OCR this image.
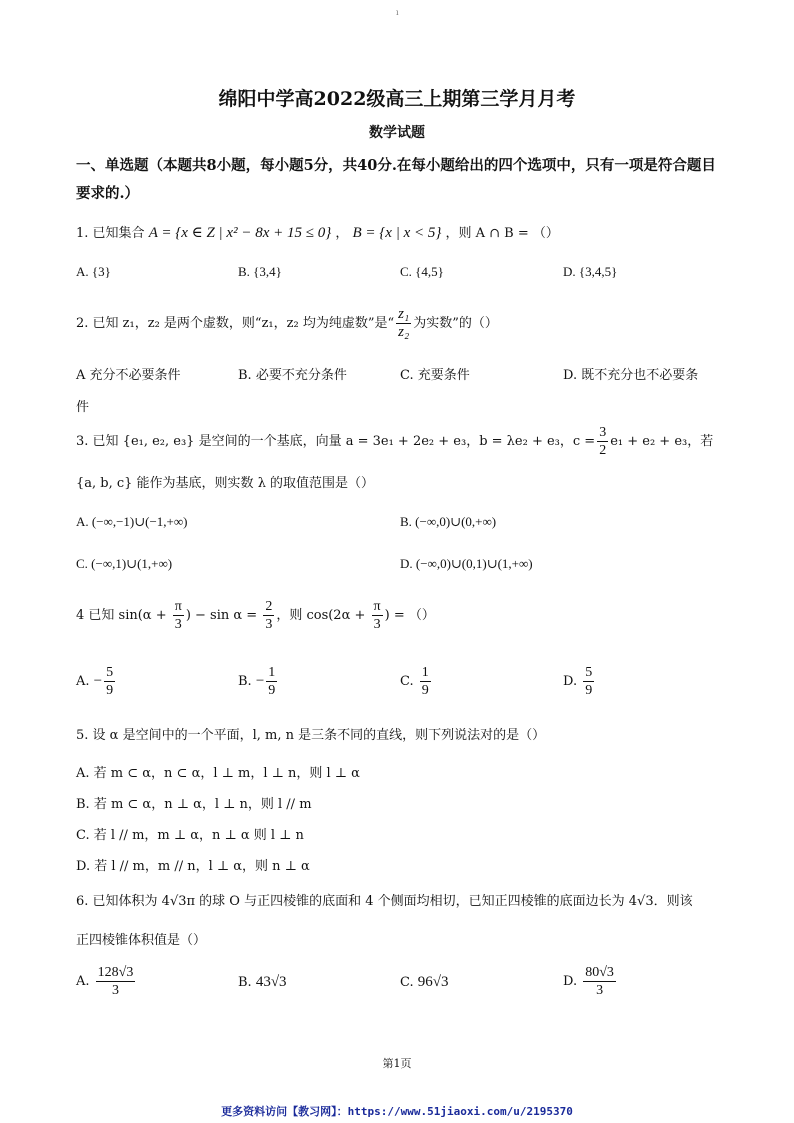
ı
绵阳中学高2022级高三上期第三学月月考
数学试题
一、单选题（本题共8小题，每小题5分，共40分.在每小题给出的四个选项中，只有一项是符合题目要求的.）
1. 已知集合 A = {x ∈ Z | x² − 8x + 15 ≤ 0} ， B = {x | x < 5} ，则 A ∩ B = （）
A. {3}	B. {3,4}	C. {4,5}	D. {3,4,5}
2. 已知 z₁，z₂ 是两个虚数，则“z₁，z₂ 均为纯虚数”是“ $\frac{\text{z₁}}{\text{z₂}}$ 为实数”的（）
A 充分不必要条件	B. 必要不充分条件	C. 充要条件	D. 既不充分也不必要条
件
3. 已知 {e₁, e₂, e₃} 是空间的一个基底，向量 a = 3e₁ + 2e₂ + e₃，b = λe₂ + e₃，$c = \frac{3}{2} e_1 + e_2 + e_3$，若
{a, b, c} 能作为基底，则实数 λ 的取值范围是（）
A. (−∞,−1)∪(−1,+∞)	B. (−∞,0)∪(0,+∞)
C. (−∞,1)∪(1,+∞)	D. (−∞,0)∪(0,1)∪(1,+∞)
4 已知 $\sin(\alpha + \frac{\pi}{3}$ ) − $\sin \alpha = \frac{2}{3}$ ，则 $\cos(2\alpha + \frac{\pi}{3}$ ) = （）
A. − $\frac{5}{9}$	B. − $\frac{1}{9}$	C. $\frac{1}{9}$	D. $\frac{5}{9}$
5. 设 α 是空间中的一个平面，l, m, n 是三条不同的直线，则下列说法对的是（）
A. 若 m ⊂ α，n ⊂ α，l ⊥ m，l ⊥ n，则 l ⊥ α
B. 若 m ⊂ α，n ⊥ α，l ⊥ n，则 l // m
C. 若 l // m，m ⊥ α，n ⊥ α 则 l ⊥ n
D. 若 l // m，m // n，l ⊥ α，则 n ⊥ α
6. 已知体积为 4√3π 的球 O 与正四棱锥的底面和 4 个侧面均相切，已知正四棱锥的底面边长为 4√3．则该
正四棱锥体积值是（）
A. $\frac{128√3}{3}$	B. 43√3	C. 96√3	D. $\frac{80√3}{3}$
第1页
更多资料访问【教习网】：https://www.51jiaoxi.com/u/2195370
